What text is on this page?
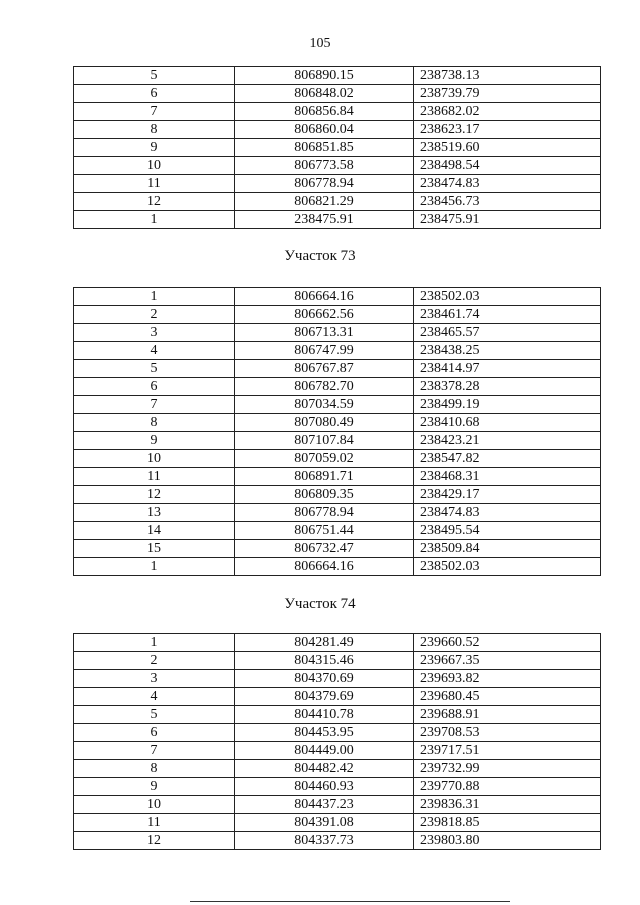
105
5	806890.15	238738.13
6	806848.02	238739.79
7	806856.84	238682.02
8	806860.04	238623.17
9	806851.85	238519.60
10	806773.58	238498.54
11	806778.94	238474.83
12	806821.29	238456.73
1	238475.91	238475.91
Участок 73
1	806664.16	238502.03
2	806662.56	238461.74
3	806713.31	238465.57
4	806747.99	238438.25
5	806767.87	238414.97
6	806782.70	238378.28
7	807034.59	238499.19
8	807080.49	238410.68
9	807107.84	238423.21
10	807059.02	238547.82
11	806891.71	238468.31
12	806809.35	238429.17
13	806778.94	238474.83
14	806751.44	238495.54
15	806732.47	238509.84
1	806664.16	238502.03
Участок 74
1	804281.49	239660.52
2	804315.46	239667.35
3	804370.69	239693.82
4	804379.69	239680.45
5	804410.78	239688.91
6	804453.95	239708.53
7	804449.00	239717.51
8	804482.42	239732.99
9	804460.93	239770.88
10	804437.23	239836.31
11	804391.08	239818.85
12	804337.73	239803.80
